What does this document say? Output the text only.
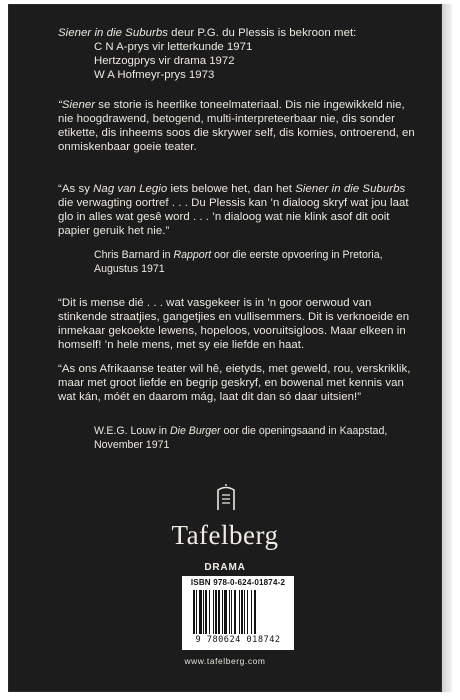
Siener in die Suburbs deur P.G. du Plessis is bekroon met:
C N A-prys vir letterkunde 1971
Hertzogprys vir drama 1972
W A Hofmeyr-prys 1973

“Siener se storie is heerlike toneelmateriaal. Dis nie ingewikkeld nie, nie hoogdrawend, betogend, multi-interpreteerbaar nie, dis sonder etikette, dis inheems soos die skrywer self, dis komies, ontroerend, en onmiskenbaar goeie teater.

“As sy Nag van Legio iets belowe het, dan het Siener in die Suburbs die verwagting oortref . . . Du Plessis kan ’n dialoog skryf wat jou laat glo in alles wat gesê word . . . ’n dialoog wat nie klink asof dit ooit papier geruik het nie.”

Chris Barnard in Rapport oor die eerste opvoering in Pretoria, Augustus 1971

“Dit is mense dié . . . wat vasgekeer is in ’n goor oerwoud van stinkende straatjies, gangetjies en vullisemmers. Dit is verknoeide en inmekaar gekoekte lewens, hopeloos, vooruitsigloos. Maar elkeen in homself! ’n hele mens, met sy eie liefde en haat.

“As ons Afrikaanse teater wil hê, eietyds, met geweld, rou, verskriklik, maar met groot liefde en begrip geskryf, en bowenal met kennis van wat kán, móét en daarom mág, laat dit dan só daar uitsien!”

W.E.G. Louw in Die Burger oor die openingsaand in Kaapstad, November 1971
Tafelberg
DRAMA
ISBN 978-0-624-01874-2
9 780624 018742
www.tafelberg.com
